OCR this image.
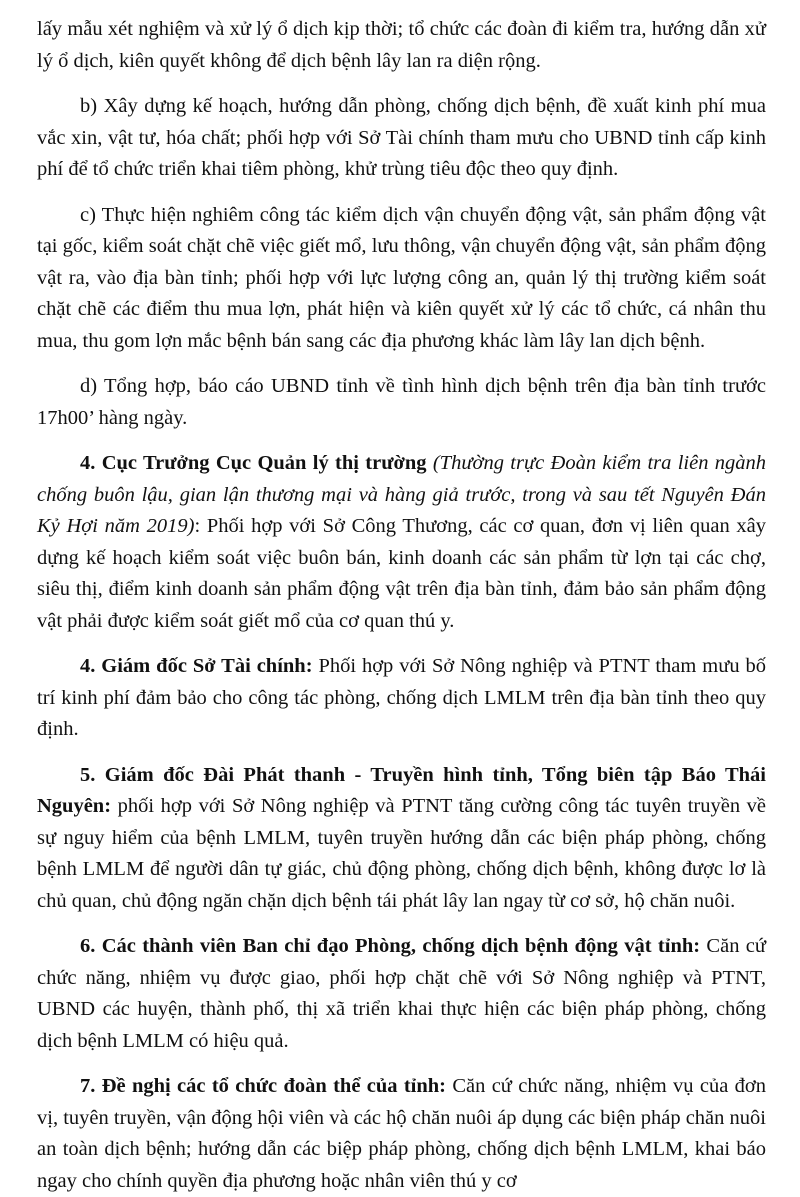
lấy mẫu xét nghiệm và xử lý ổ dịch kịp thời; tổ chức các đoàn đi kiểm tra, hướng dẫn xử lý ổ dịch, kiên quyết không để dịch bệnh lây lan ra diện rộng.

b) Xây dựng kế hoạch, hướng dẫn phòng, chống dịch bệnh, đề xuất kinh phí mua vắc xin, vật tư, hóa chất; phối hợp với Sở Tài chính tham mưu cho UBND tỉnh cấp kinh phí để tổ chức triển khai tiêm phòng, khử trùng tiêu độc theo quy định.

c) Thực hiện nghiêm công tác kiểm dịch vận chuyển động vật, sản phẩm động vật tại gốc, kiểm soát chặt chẽ việc giết mổ, lưu thông, vận chuyển động vật, sản phẩm động vật ra, vào địa bàn tỉnh; phối hợp với lực lượng công an, quản lý thị trường kiểm soát chặt chẽ các điểm thu mua lợn, phát hiện và kiên quyết xử lý các tổ chức, cá nhân thu mua, thu gom lợn mắc bệnh bán sang các địa phương khác làm lây lan dịch bệnh.

d) Tổng hợp, báo cáo UBND tỉnh về tình hình dịch bệnh trên địa bàn tỉnh trước 17h00’ hàng ngày.

4. Cục Trưởng Cục Quản lý thị trường (Thường trực Đoàn kiểm tra liên ngành chống buôn lậu, gian lận thương mại và hàng giả trước, trong và sau tết Nguyên Đán Kỷ Hợi năm 2019): Phối hợp với Sở Công Thương, các cơ quan, đơn vị liên quan xây dựng kế hoạch kiểm soát việc buôn bán, kinh doanh các sản phẩm từ lợn tại các chợ, siêu thị, điểm kinh doanh sản phẩm động vật trên địa bàn tỉnh, đảm bảo sản phẩm động vật phải được kiểm soát giết mổ của cơ quan thú y.

4. Giám đốc Sở Tài chính: Phối hợp với Sở Nông nghiệp và PTNT tham mưu bố trí kinh phí đảm bảo cho công tác phòng, chống dịch LMLM trên địa bàn tỉnh theo quy định.

5. Giám đốc Đài Phát thanh - Truyền hình tỉnh, Tổng biên tập Báo Thái Nguyên: phối hợp với Sở Nông nghiệp và PTNT tăng cường công tác tuyên truyền về sự nguy hiểm của bệnh LMLM, tuyên truyền hướng dẫn các biện pháp phòng, chống bệnh LMLM để người dân tự giác, chủ động phòng, chống dịch bệnh, không được lơ là chủ quan, chủ động ngăn chặn dịch bệnh tái phát lây lan ngay từ cơ sở, hộ chăn nuôi.

6. Các thành viên Ban chỉ đạo Phòng, chống dịch bệnh động vật tỉnh: Căn cứ chức năng, nhiệm vụ được giao, phối hợp chặt chẽ với Sở Nông nghiệp và PTNT, UBND các huyện, thành phố, thị xã triển khai thực hiện các biện pháp phòng, chống dịch bệnh LMLM có hiệu quả.

7. Đề nghị các tổ chức đoàn thể của tỉnh: Căn cứ chức năng, nhiệm vụ của đơn vị, tuyên truyền, vận động hội viên và các hộ chăn nuôi áp dụng các biện pháp chăn nuôi an toàn dịch bệnh; hướng dẫn các biệp pháp phòng, chống dịch bệnh LMLM, khai báo ngay cho chính quyền địa phương hoặc nhân viên thú y cơ
